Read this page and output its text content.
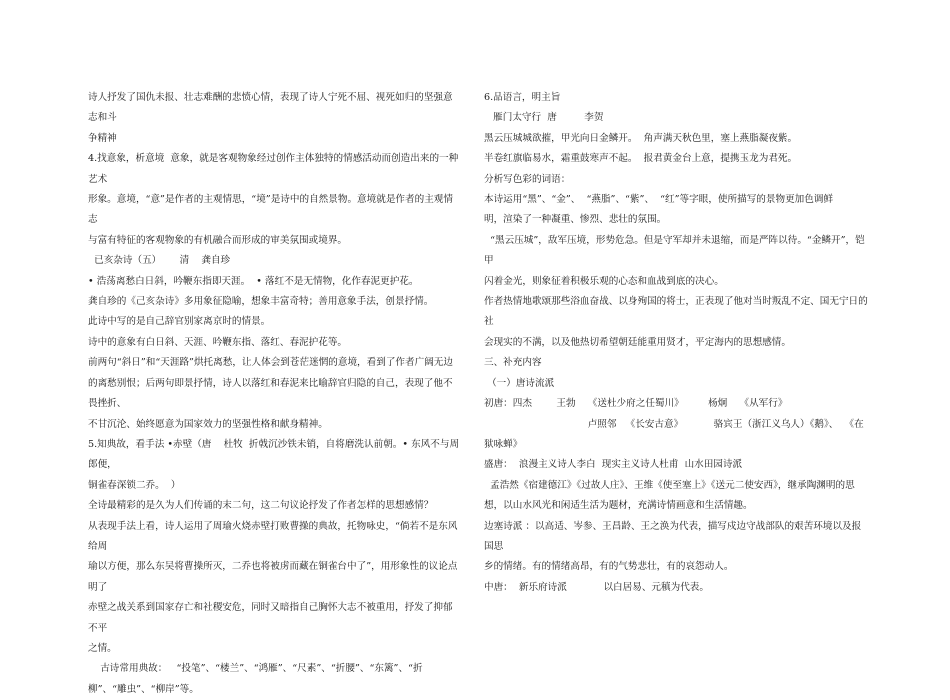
诗人抒发了国仇未报、壮志难酬的悲愤心情，表现了诗人宁死不屈、视死如归的坚强意志和斗

争精神

4.找意象，析意境  意象，就是客观物象经过创作主体独特的情感活动而创造出来的一种艺术

形象。意境，“意”是作者的主观情思，“境”是诗中的自然景物。意境就是作者的主观情志

与富有特征的客观物象的有机融合而形成的审美氛围或境界。

已亥杂诗（五）      清    龚自珍

• 浩荡离愁白日斜，吟鞭东指即天涯。  • 落红不是无情物，化作春泥更护花。

龚自珍的《己亥杂诗》多用象征隐喻，想象丰富奇特；善用意象手法，创景抒情。

此诗中写的是自己辞官别家离京时的情景。

诗中的意象有白日斜、天涯、吟鞭东指、落红、春泥护花等。

前两句“斜日”和“天涯路”烘托离愁，让人体会到苍茫迷惘的意境，看到了作者广阔无边

的离愁别恨；后两句即景抒情，诗人以落红和春泥来比喻辞官归隐的自己，表现了他不畏挫折、

不甘沉沦、始终愿意为国家效力的坚强性格和献身精神。

5.知典故，看手法 •赤壁（唐    杜牧  折戟沉沙铁未销，自将磨洗认前朝。• 东风不与周郎便，

铜雀春深锁二乔。  ）

全诗最精彩的是久为人们传诵的末二句，这二句议论抒发了作者怎样的思想感情？

从表现手法上看，诗人运用了周瑜火烧赤壁打败曹操的典故，托物咏史，“倘若不是东风给周

瑜以方便，那么东吴将曹操所灭，二乔也将被虏而藏在铜雀台中了”，用形象性的议论点明了

赤壁之战关系到国家存亡和社稷安危，同时又暗指自己胸怀大志不被重用，抒发了抑郁不平

之情。

古诗常用典故：   “投笔”、“楼兰”、“鸿雁”、“尺素”、“折腰”、“东篱”、“折

柳”、“雕虫”、“柳岸”等。

6.品语言，明主旨

雁门太守行  唐         李贺

黑云压城城欲摧，甲光向日金鳞开。  角声满天秋色里，塞上燕脂凝夜紫。

半卷红旗临易水，霜重鼓寒声不起。  报君黄金台上意，提携玉龙为君死。

分析写色彩的词语：

本诗运用“黑”、“金”、  “燕脂”、“紫”、  “红”等字眼，使所描写的景物更加色调鲜

明，渲染了一种凝重、惨烈、悲壮的氛围。

“黑云压城”，敌军压境，形势危急。但是守军却并未退缩，而是严阵以待。“金鳞开”，铠甲

闪着金光，则象征着积极乐观的心态和血战到底的决心。

作者热情地歌颂那些浴血奋战、以身殉国的将士，正表现了他对当时叛乱不定、国无宁日的社

会现实的不满，以及他热切希望朝廷能重用贤才，平定海内的思想感情。

三、补充内容

（一）唐诗流派

初唐：四杰        王勃    《送杜少府之任蜀川》        杨炯    《从军行》

卢照邻   《长安古意》          骆宾王（浙江义乌人）《鹅》、  《在

狱咏蝉》

盛唐：  浪漫主义诗人李白  现实主义诗人杜甫  山水田园诗派

孟浩然《宿建德江》《过故人庄》、王维《使至塞上》《送元二使安西》，继承陶渊明的思

想，以山水风光和闲适生活为题材，充满诗情画意和生活情趣。

边塞诗派 ：以高适、岑参、王昌龄、王之涣为代表，描写戍边守战部队的艰苦环境以及报国思

乡的情绪。有的情绪高昂，有的气势悲壮，有的哀怨动人。

中唐：  新乐府诗派            以白居易、元稹为代表。
